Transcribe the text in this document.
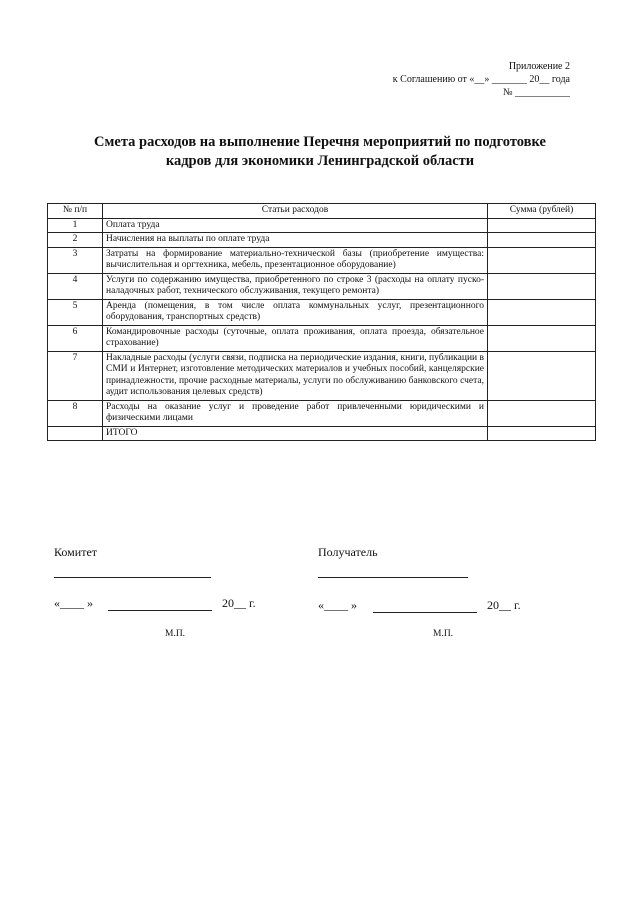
Приложение 2
к Соглашению от «__» _______ 20__ года
№ ___________
Смета расходов на выполнение Перечня мероприятий по подготовке
кадров для экономики Ленинградской области
№ п/п	Статьи расходов	Сумма (рублей)
1	Оплата труда	
2	Начисления на выплаты по оплате труда	
3	Затраты на формирование материально-технической базы (приобретение имущества: вычислительная и оргтехника, мебель, презентационное оборудование)	
4	Услуги по содержанию имущества, приобретенного по строке 3 (расходы на оплату пуско-наладочных работ, технического обслуживания, текущего ремонта)	
5	Аренда (помещения, в том числе оплата коммунальных услуг, презентационного оборудования, транспортных средств)	
6	Командировочные расходы (суточные, оплата проживания, оплата проезда, обязательное страхование)	
7	Накладные расходы (услуги связи, подписка на периодические издания, книги, публикации в СМИ и Интернет, изготовление методических материалов и учебных пособий, канцелярские принадлежности, прочие расходные материалы, услуги по обслуживанию банковского счета, аудит использования целевых средств)	
8	Расходы на оказание услуг и проведение работ привлеченными юридическими и физическими лицами	
	ИТОГО	
Комитет
«____ »	20__ г.
М.П.
Получатель
«____ »	20__ г.
М.П.
